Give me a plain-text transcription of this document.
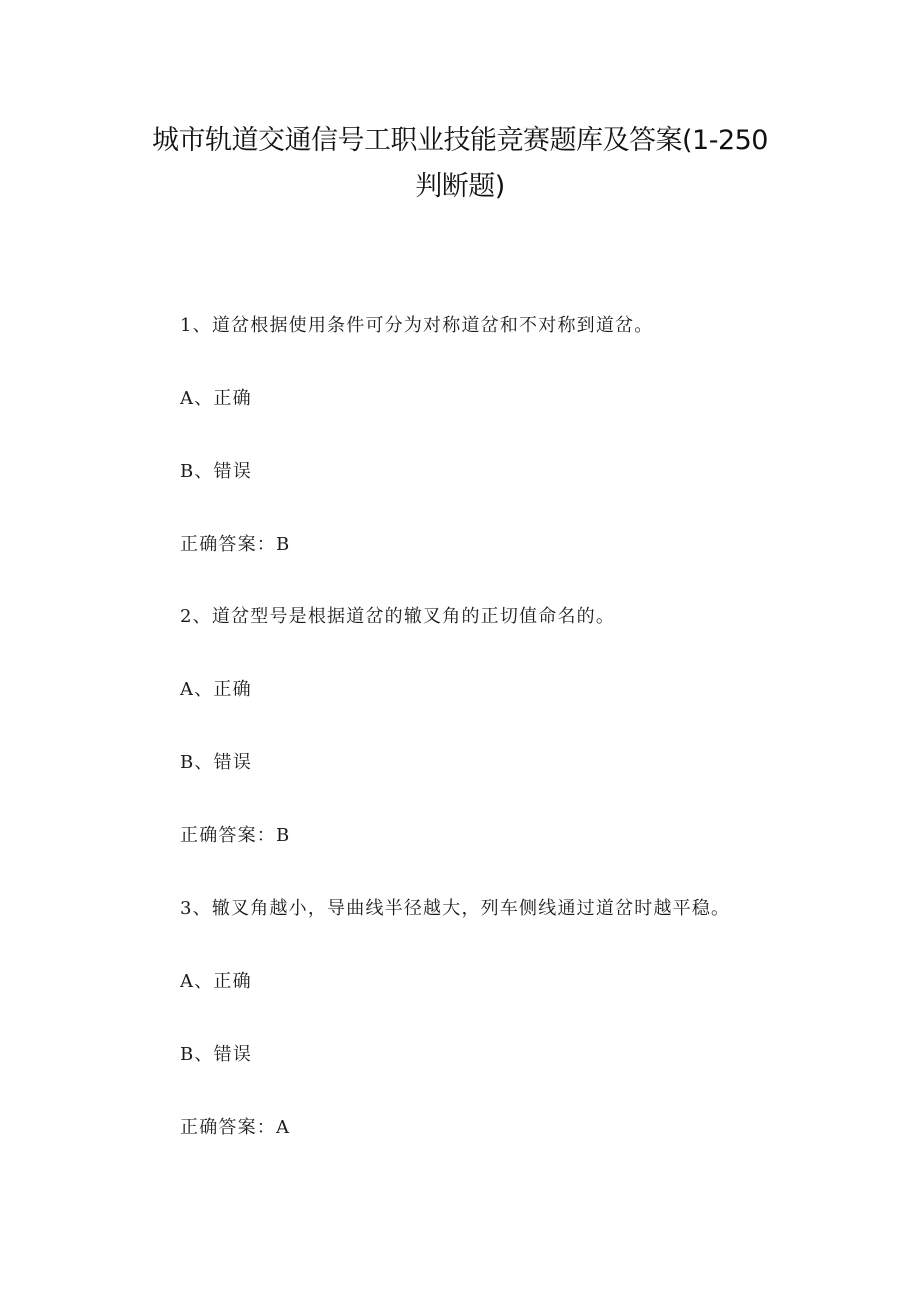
城市轨道交通信号工职业技能竞赛题库及答案(1-250
判断题)
1、道岔根据使用条件可分为对称道岔和不对称到道岔。
A、正确
B、错误
正确答案：B
2、道岔型号是根据道岔的辙叉角的正切值命名的。
A、正确
B、错误
正确答案：B
3、辙叉角越小，导曲线半径越大，列车侧线通过道岔时越平稳。
A、正确
B、错误
正确答案：A
